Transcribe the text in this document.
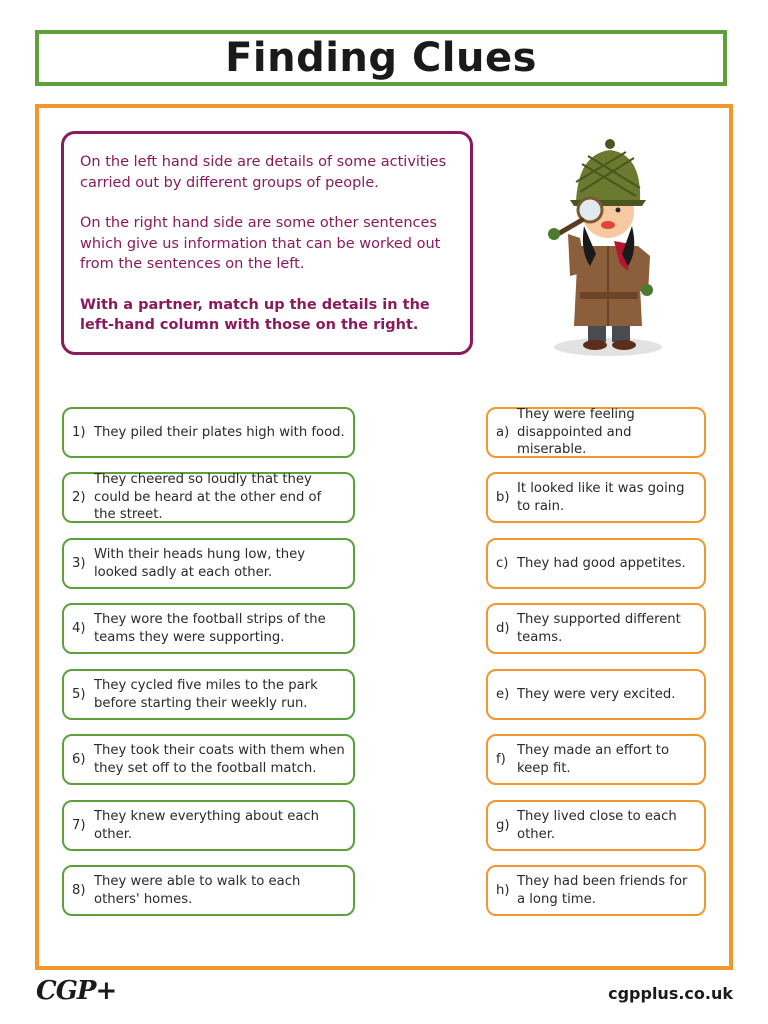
Finding Clues

On the left hand side are details of some activities carried out by different groups of people.

On the right hand side are some other sentences which give us information that can be worked out from the sentences on the left.

With a partner, match up the details in the left-hand column with those on the right.

1) They piled their plates high with food.
2)
They cheered so loudly that they could be heard at the other end of the street.
3)
With their heads hung low, they looked sadly at each other.
4)
They wore the football strips of the teams they were supporting.
5)
They cycled five miles to the park before starting their weekly run.
6)
They took their coats with them when they set off to the football match.
7)
They knew everything about each other.
8)
They were able to walk to each others' homes.
a)
They were feeling disappointed and miserable.
b)
It looked like it was going to rain.
c) They had good appetites.
d)
They supported different teams.
e) They were very excited.
f)
They made an effort to keep fit.
g)
They lived close to each other.
h)
They had been friends for a long time.
CGP+	cgpplus.co.uk
